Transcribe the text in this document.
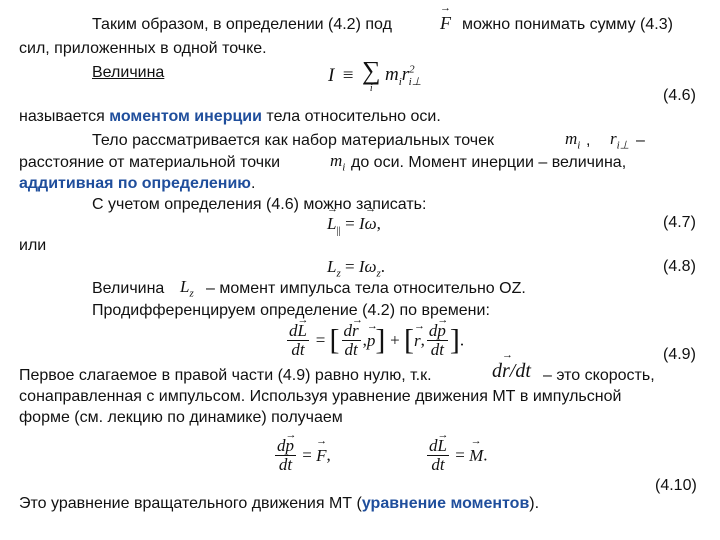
Таким образом, в определении (4.2) под
→	F можно понимать сумму (4.3)
сил, приложенных в одной точке.
Величина	I ≡ ∑
i
$m_ir^2_{i\perp}$
(4.6)
называется моментом инерции тела относительно оси.
Тело рассматривается как набор материальных точек	$m_i$ , $r_{i\perp}$ –
расстояние от материальной точки	$m_i$ до оси. Момент инерции – величина,
аддитивная по определению.
С учетом определения (4.6) можно записать:
→ $L_{||} = I\to \omega$,	(4.7)
или
$L_z = I\omega_z$.	(4.8)
Величина $L_z$ – момент импульса тела относительно OZ.
Продифференцируем определение (4.2) по времени:
$\frac{d\to L}{dt}$ = [ $\frac{d\to r}{dt}$ ,→ p] + [→ r, $\frac{d\to p}{dt}$ ].
(4.9)
Первое слагаемое в правой части (4.9) равно нулю, т.к.	d→ r/dt – это скорость,
сонаправленная с импульсом. Используя уравнение движения МТ в импульсной
форме (см. лекцию по динамике) получаем
$\frac{d\to p}{dt}$ = → F,	$\frac{d\to L}{dt}$ = → M.
(4.10)
Это уравнение вращательного движения МТ (уравнение моментов).
